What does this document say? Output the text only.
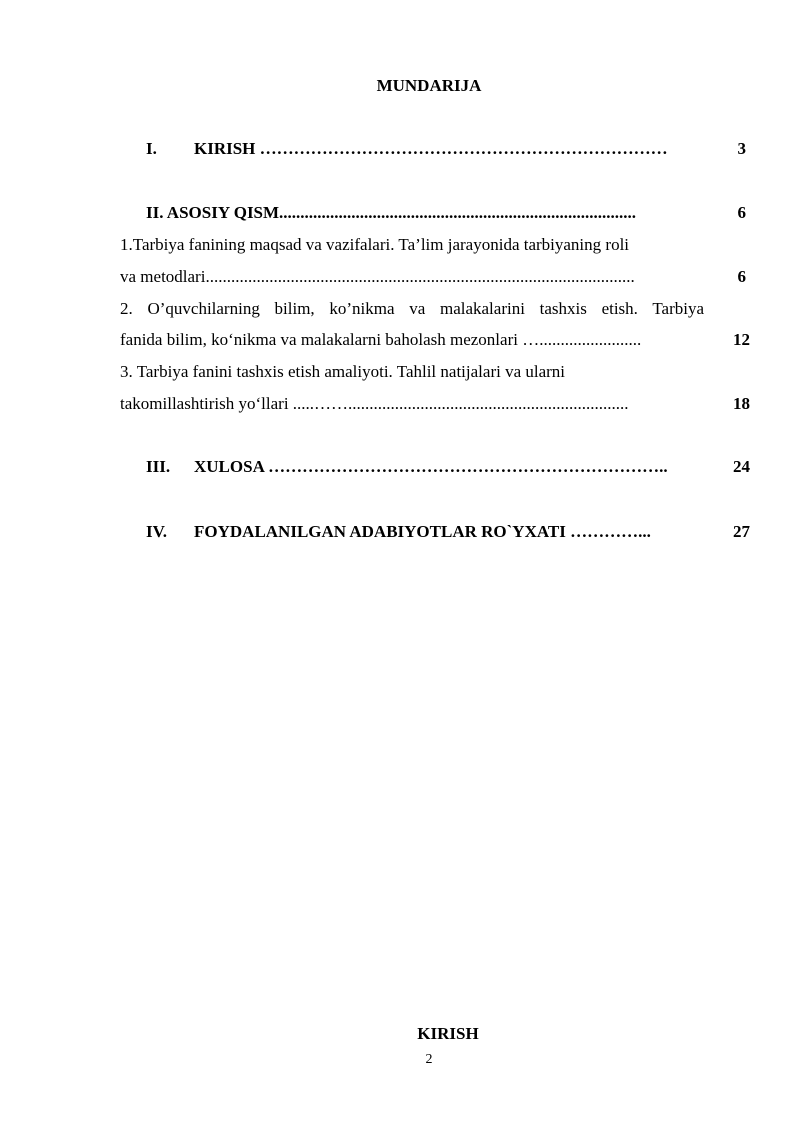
MUNDARIJA
I. KIRISH ………………………………………………………………	3
II. ASOSIY QISM....................................................................................	6
1.Tarbiya fanining maqsad va vazifalari. Ta’lim jarayonida tarbiyaning roli
va metodlari.....................................................................................................	6
2. O’quvchilarning bilim, ko’nikma va malakalarini tashxis etish. Tarbiya
fanida bilim, ko‘nikma va malakalarni baholash mezonlari …........................	12
3. Tarbiya fanini tashxis etish amaliyoti. Tahlil natijalari va ularni
takomillashtirish yo‘llari .....……..................................................................	18
III. XULOSA ……………………………………………………………..	24
IV. FOYDALANILGAN ADABIYOTLAR RO`YXATI …………...	27
KIRISH
2
